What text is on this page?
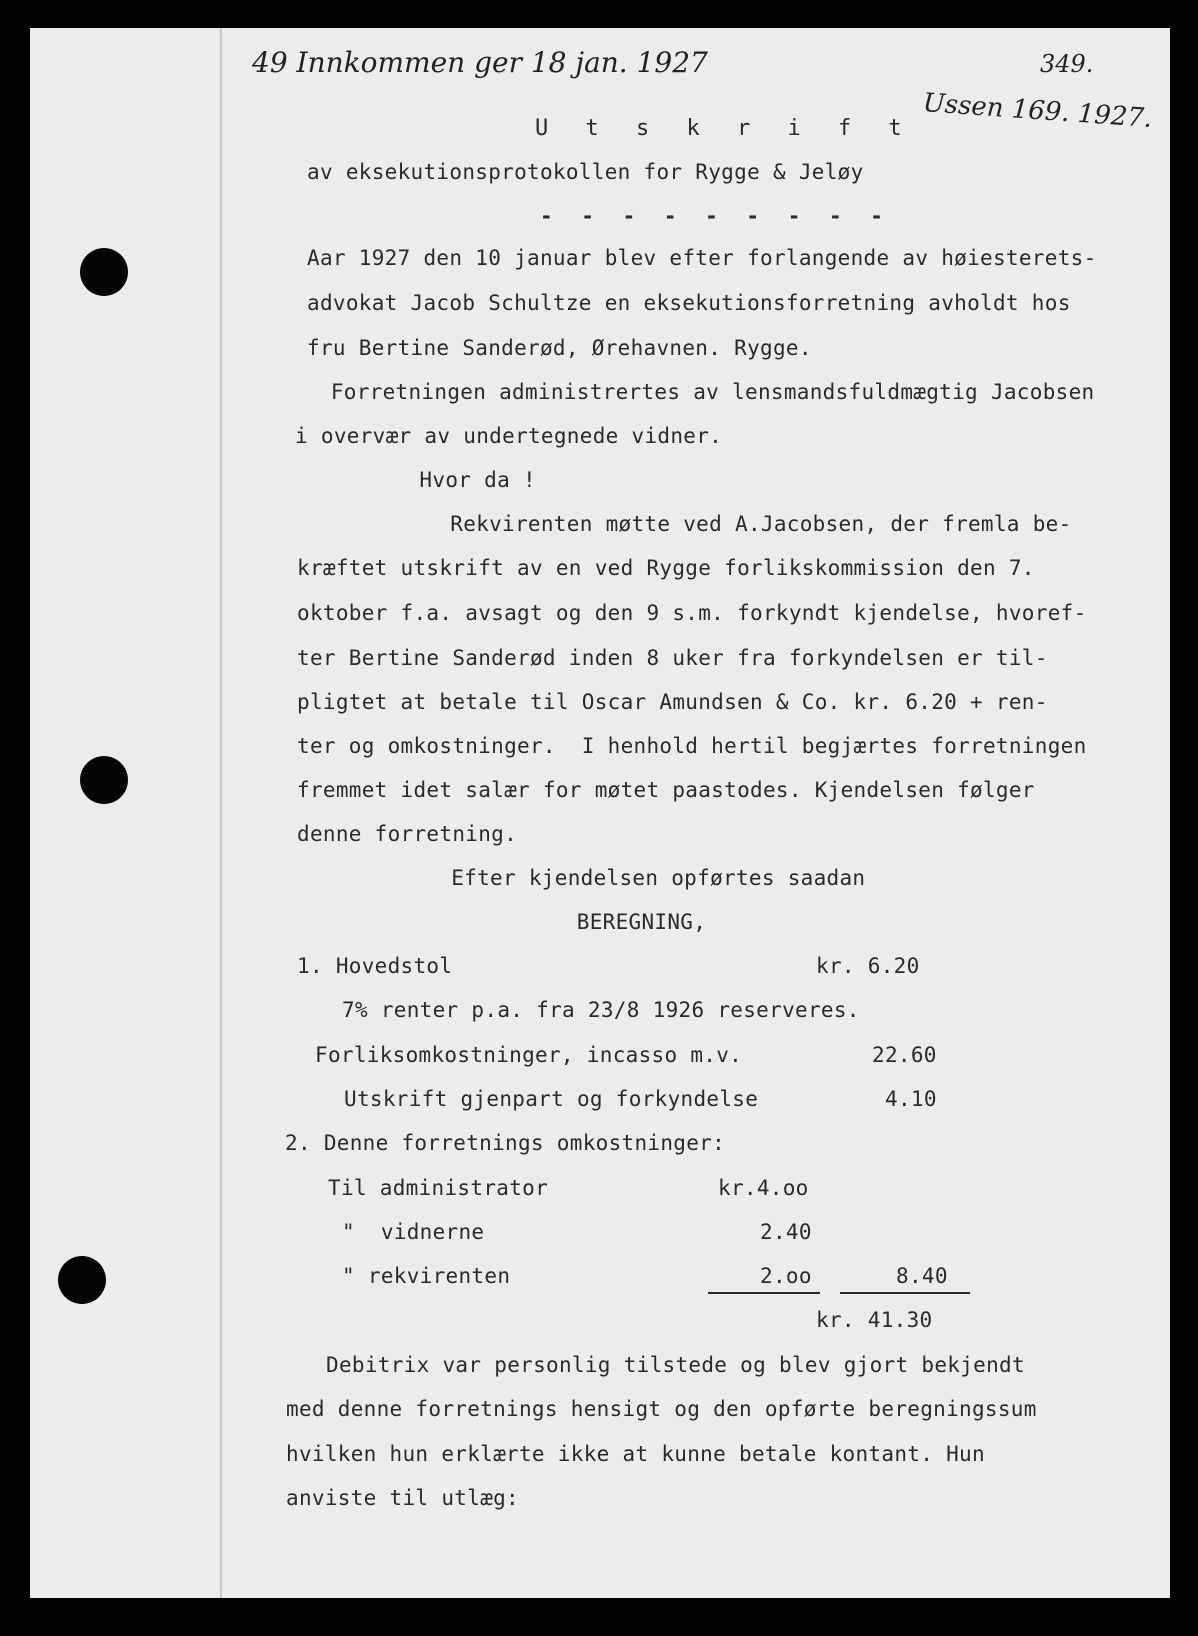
49 Innkommen ger 18 jan. 1927	349.
Ussen 169. 1927.
U t s k r i f t
av eksekutionsprotokollen for Rygge & Jeløy
- - - - - - - - -
Aar 1927 den 10 januar blev efter forlangende av høiesterets-
advokat Jacob Schultze en eksekutionsforretning avholdt hos
fru Bertine Sanderød, Ørehavnen. Rygge.
Forretningen administrertes av lensmandsfuldmægtig Jacobsen
i overvær av undertegnede vidner.
Hvor da !
Rekvirenten møtte ved A.Jacobsen, der fremla be-
kræftet utskrift av en ved Rygge forlikskommission den 7.
oktober f.a. avsagt og den 9 s.m. forkyndt kjendelse, hvoref-
ter Bertine Sanderød inden 8 uker fra forkyndelsen er til-
pligtet at betale til Oscar Amundsen & Co. kr. 6.20 + ren-
ter og omkostninger.  I henhold hertil begjærtes forretningen
fremmet idet salær for møtet paastodes. Kjendelsen følger
denne forretning.
Efter kjendelsen opførtes saadan
BEREGNING,
1. Hovedstol	kr. 6.20
7% renter p.a. fra 23/8 1926 reserveres.
Forliksomkostninger, incasso m.v.	22.60
Utskrift gjenpart og forkyndelse	4.10
2. Denne forretnings omkostninger:
Til administrator	kr.4.oo
"  vidnerne	2.40
" rekvirenten	2.oo	8.40
kr. 41.30
Debitrix var personlig tilstede og blev gjort bekjendt
med denne forretnings hensigt og den opførte beregningssum
hvilken hun erklærte ikke at kunne betale kontant. Hun
anviste til utlæg:
